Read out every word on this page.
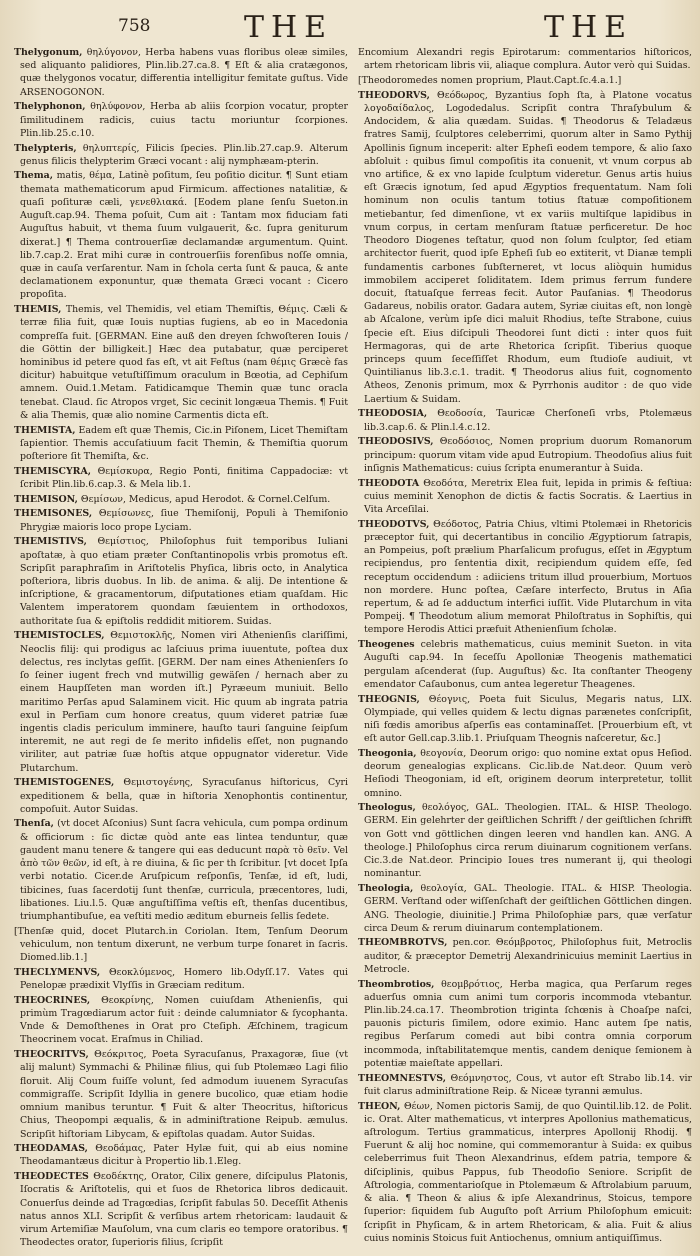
758	THE	THE

Thelygonum, θηλύγονον, Herba habens vuas floribus oleæ similes, sed aliquanto palidiores, Plin.lib.27.ca.8. ¶ Eſt & alia cratægonos, quæ thelygonos vocatur, differentia intelligitur femitate guſtus. Vide ARSENOGONON.

Thelyphonon, θηλύφονον, Herba ab aliis ſcorpion vocatur, propter ſimilitudinem radicis, cuius tactu moriuntur ſcorpiones. Plin.lib.25.c.10.

Thelypteris, θηλυπτερίς, Filicis ſpecies. Plin.lib.27.cap.9. Alterum genus filicis thelypterim Græci vocant : alij nymphæam-pterin.

Thema, matis, θέμα, Latinè poſitum, ſeu poſitio dicitur. ¶ Sunt etiam themata mathematicorum apud Firmicum. affectiones natalitiæ, & quaſi poſituræ cæli, γενεθλιακά. [Eodem plane ſenſu Sueton.in Auguſt.cap.94. Thema poſuit, Cum ait : Tantam mox fiduciam fati Auguſtus habuit, vt thema ſuum vulgauerit, &c. ſupra geniturum dixerat.] ¶ Thema controuerſiæ declamandæ argumentum. Quint. lib.7.cap.2. Erat mihi curæ in controuerſiis forenſibus noſſe omnia, quæ in cauſa verſarentur. Nam in ſchola certa ſunt & pauca, & ante declamationem exponuntur, quæ themata Græci vocant : Cicero propoſita.

THEMIS, Themis, vel Themidis, vel etiam Themiſtis, Θέμις. Cæli & terræ filia fuit, quæ Iouis nuptias fugiens, ab eo in Macedonia compreſſa fuit. [GERMAN. Eine auß den dreyen ſchwoſteren Iouis / die Göttin der billigkeit.] Hæc dea putabatur, quæ perciperet hominibus id petere quod fas eſt, vt ait Feſtus (nam θέμις Græcè fas dicitur) habuitque vetuſtiſſimum oraculum in Bœotia, ad Cephiſum amnem. Ouid.1.Metam. Fatidicamque Themin quæ tunc oracla tenebat. Claud. ſic Atropos vrget, Sic cecinit longæua Themis. ¶ Fuit & alia Themis, quæ alio nomine Carmentis dicta eſt.

THEMISTA, Eadem eſt quæ Themis, Cic.in Piſonem, Licet Themiſtam ſapientior. Themis accuſatiuum facit Themin, & Themiſtia quorum poſteriore ſit Themiſta, &c.

THEMISCYRA, Θεμίσκυρα, Regio Ponti, finitima Cappadociæ: vt ſcribit Plin.lib.6.cap.3. & Mela lib.1.

THEMISON, Θεμίσων, Medicus, apud Herodot. & Cornel.Celſum.

THEMISONES, Θεμίσωνες, ſiue Themiſonij, Populi à Themiſonio Phrygiæ maioris loco prope Lyciam.

THEMISTIVS, Θεμίστιος, Philoſophus fuit temporibus Iuliani apoſtatæ, à quo etiam præter Conſtantinopolis vrbis promotus eſt. Scripſit paraphraſim in Ariſtotelis Phyſica, libris octo, in Analytica poſteriora, libris duobus. In lib. de anima. & alij. De intentione & inſcriptione, & gracamentorum, diſputationes etiam quaſdam. Hic Valentem imperatorem quondam ſæuientem in orthodoxos, authoritate ſua & epiſtolis reddidit mitiorem. Suidas.

THEMISTOCLES, Θεμιστοκλῆς, Nomen viri Athenienſis clariſſimi, Neoclis filij: qui prodigus ac laſciuus prima iuuentute, poſtea dux delectus, res inclytas geſſit. [GERM. Der nam eines Athenienſers ſo ſo ſeiner iugent frech vnd mutwillig gewäſen / hernach aber zu einem Haupſſeten man worden iſt.] Pyræeum muniuit. Bello maritimo Perſas apud Salaminem vicit. Hic quum ab ingrata patria exul in Perſiam cum honore creatus, quum videret patriæ ſuæ ingentis cladis periculum imminere, hauſto tauri ſanguine ſeipſum interemit, ne aut regi de ſe merito infidelis eſſet, non pugnando viriliter, aut patriæ ſuæ hoſtis atque oppugnator videretur. Vide Plutarchum.

THEMISTOGENES, Θεμιστογένης, Syracuſanus hiſtoricus, Cyri expeditionem & bella, quæ in hiſtoria Xenophontis continentur, compoſuit. Autor Suidas.

Thenſa, (vt docet Aſconius) Sunt ſacra vehicula, cum pompa ordinum & officiorum : ſic dictæ quòd ante eas lintea tenduntur, quæ gaudent manu tenere & tangere qui eas deducunt παρὰ τὸ θεῖν. Vel ἀπὸ τῶν θεῶν, id eſt, à re diuina, & ſic per th ſcribitur. [vt docet Ipſa verbi notatio. Cicer.de Aruſpicum reſponſis, Tenſæ, id eſt, ludi, tibicines, ſuas ſacerdotij ſunt thenſæ, curricula, præcentores, ludi, libationes. Liu.l.5. Quæ anguſtiſſima veſtis eſt, thenſas ducentibus, triumphantibuſue, ea veſtiti medio æditum eburneis ſellis ſedete.

[Thenſæ quid, docet Plutarch.in Coriolan. Item, Tenſum Deorum vehiculum, non tentum dixerunt, ne verbum turpe ſonaret in ſacris. Diomed.lib.1.]

THECLYMENVS, Θεοκλύμενος, Homero lib.Odyſſ.17. Vates qui Penelopæ prædixit Vlyſſis in Græciam reditum.

THEOCRINES, Θεοκρίνης, Nomen cuiuſdam Athenienſis, qui primùm Tragœdiarum actor fuit : deinde calumniator & ſycophanta. Vnde & Demoſthenes in Orat pro Cteſiph. Æſchinem, tragicum Theocrinem vocat. Eraſmus in Chiliad.

THEOCRITVS, Θεόκριτος, Poeta Syracuſanus, Praxagoræ, ſiue (vt alij malunt) Symmachi & Philinæ filius, qui ſub Ptolemæo Lagi filio floruit. Alij Coum fuiſſe volunt, ſed admodum iuuenem Syracuſas commigraſſe. Scripſit Idyllia in genere bucolico, quæ etiam hodie omnium manibus teruntur. ¶ Fuit & alter Theocritus, hiſtoricus Chius, Theopompi æqualis, & in adminiſtratione Reipub. æmulus. Scripſit hiſtoriam Libycam, & epiſtolas quadam. Autor Suidas.

THEODAMAS, Θεοδάμας, Pater Hylæ fuit, qui ab eius nomine Theodamantæus dicitur à Propertio lib.1.Eleg.

THEODECTES Θεοδέκτης, Orator, Cilix genere, diſcipulus Platonis, Iſocratis & Ariſtotelis, qui et ſuos de Rhetorica libros dedicauit. Conuerſus deinde ad Tragœdias, ſcripſit fabulas 50. Deceſſit Athenis natus annos XLI. Scripſit & verſibus artem rhetoricam: laudauit & virum Artemiſiæ Mauſolum, vna cum claris eo tempore oratoribus. ¶ Theodectes orator, ſuperioris filius, ſcripſit

Encomium Alexandri regis Epirotarum: commentarios hiſtoricos, artem rhetoricam libris vii, aliaque complura. Autor verò qui Suidas.

[Theodoromedes nomen proprium, Plaut.Capt.ſc.4.a.1.]

THEODORVS, Θεόδωρος, Byzantius ſoph ſta, à Platone vocatus λογοδαίδαλος, Logodedalus. Scripſit contra Thraſybulum & Andocidem, & alia quædam. Suidas. ¶ Theodorus & Teladæus fratres Samij, ſculptores celeberrimi, quorum alter in Samo Pythij Apollinis ſignum inceperit: alter Epheſi eodem tempore, & alio ſaxo abſoluit : quibus ſimul compoſitis ita conuenit, vt vnum corpus ab vno artifice, & ex vno lapide ſculptum videretur. Genus artis huius eſt Græcis ignotum, ſed apud Ægyptios frequentatum. Nam ſoli hominum non oculis tantum totius ſtatuæ compoſitionem metiebantur, ſed dimenſione, vt ex variis multiſque lapidibus in vnum corpus, in certam menſuram ſtatuæ perficeretur. De hoc Theodoro Diogenes teſtatur, quod non ſolum ſculptor, ſed etiam architector fuerit, quod ipſe Epheſi ſub eo extiterit, vt Dianæ templi fundamentis carbones ſubſterneret, vt locus aliòquin humidus immobilem acciperet ſoliditatem. Idem primus ferrum fundere docuit, ſtatuaſque ferreas fecit. Autor Pauſanias. ¶ Theodorus Gadareus, nobilis orator. Gadara autem, Syriæ ciuitas eſt, non longè ab Aſcalone, verùm ipſe dici maluit Rhodius, teſte Strabone, cuius ſpecie eſt. Eius diſcipuli Theodorei ſunt dicti : inter quos fuit Hermagoras, qui de arte Rhetorica ſcripſit. Tiberius quoque princeps quum ſeceſſiſſet Rhodum, eum ſtudioſe audiuit, vt Quintilianus lib.3.c.1. tradit. ¶ Theodorus alius fuit, cognomento Atheos, Zenonis primum, mox & Pyrrhonis auditor : de quo vide Laertium & Suidam.

THEODOSIA, Θεοδοσία, Tauricæ Cherſoneſi vrbs, Ptolemæus lib.3.cap.6. & Plin.l.4.c.12.

THEODOSIVS, Θεοδόσιος, Nomen proprium duorum Romanorum principum: quorum vitam vide apud Eutropium. Theodoſius alius fuit inſignis Mathematicus: cuius ſcripta enumerantur à Suida.

THEODOTA Θεοδότα, Meretrix Elea fuit, lepida in primis & feſtiua: cuius meminit Xenophon de dictis & factis Socratis. & Laertius in Vita Arceſilai.

THEODOTVS, Θεόδοτος, Patria Chius, vltimi Ptolemæi in Rhetoricis præceptor fuit, qui decertantibus in concilio Ægyptiorum ſatrapis, an Pompeius, poſt prælium Pharſalicum profugus, eſſet in Ægyptum recipiendus, pro ſententia dixit, recipiendum quidem eſſe, ſed receptum occidendum : adiiciens tritum illud prouerbium, Mortuos non mordere. Hunc poſtea, Cæſare interfecto, Brutus in Aſia repertum, & ad ſe adductum interfici iuſſit. Vide Plutarchum in vita Pompeij. ¶ Theodotum alium memorat Philoſtratus in Sophiſtis, qui tempore Herodis Attici præfuit Athenienſium ſcholæ.

Theogenes celebris mathematicus, cuius meminit Sueton. in vita Auguſti cap.94. In ſeceſſu Apolloniæ Theogenis mathematici pergulam aſcenderat (ſup. Auguſtus) &c. Ita conſtanter Theogeny emendator Caſaubonus, cum antea legeretur Theagenes.

THEOGNIS, Θέογνις, Poeta fuit Siculus, Megaris natus, LIX. Olympiade, qui velles quidem & lectu dignas parænetes conſcripſit, niſi fœdis amoribus aſperſis eas contaminaſſet. [Prouerbium eſt, vt eſt autor Gell.cap.3.lib.1. Priuſquam Theognis naſceretur, &c.]

Theogonia, θεογονία, Deorum origo: quo nomine extat opus Heſiod. deorum genealogias explicans. Cic.lib.de Nat.deor. Quum verò Heſiodi Theogoniam, id eſt, originem deorum interpretetur, tollit omnino.

Theologus, θεολόγος, GAL. Theologien. ITAL. & HISP. Theologo. GERM. Ein gelehrter der geiſtlichen Schrifft / der geiſtlichen ſchrifft von Gott vnd göttlichen dingen leeren vnd handlen kan. ANG. A theologe.] Philoſophus circa rerum diuinarum cognitionem verſans. Cic.3.de Nat.deor. Principio Ioues tres numerant ij, qui theologi nominantur.

Theologia, θεολογία, GAL. Theologie. ITAL. & HISP. Theologia. GERM. Verſtand oder wiſſenſchaft der geiſtlichen Göttlichen dingen. ANG. Theologie, diuinitie.] Prima Philoſophiæ pars, quæ verſatur circa Deum & rerum diuinarum contemplationem.

THEOMBROTVS, pen.cor. Θεόμβροτος, Philoſophus fuit, Metroclis auditor, & præceptor Demetrij Alexandrinicuius meminit Laertius in Metrocle.

Theombrotios, θεομβρότιος, Herba magica, qua Perſarum reges aduerſus omnia cum animi tum corporis incommoda vtebantur. Plin.lib.24.ca.17. Theombrotion triginta ſchœnis à Choaſpe naſci, pauonis picturis ſimilem, odore eximio. Hanc autem ſpe natis, regibus Perſarum comedi aut bibi contra omnia corporum incommoda, inſtabilitatemque mentis, candem denique ſemionem à potentiæ maieſtate appellari.

THEOMNESTVS, Θεόμνηστος, Cous, vt autor eſt Strabo lib.14. vir fuit clarus adminiſtratione Reip. & Niceæ tyranni æmulus.

THEON, Θέων, Nomen pictoris Samij, de quo Quintil.lib.12. de Polit. ic. Orat. Alter mathematicus, vt interpres Apollonius mathematicus, aſtrologum. Tertius grammaticus, interpres Apollonij Rhodij. ¶ Fuerunt & alij hoc nomine, qui commemorantur à Suida: ex quibus celeberrimus fuit Theon Alexandrinus, eſdem patria, tempore & diſciplinis, quibus Pappus, ſub Theodoſio Seniore. Scripſit de Aſtrologia, commentarioſque in Ptolemæum & Aſtrolabium paruum, & alia. ¶ Theon & alius & ipſe Alexandrinus, Stoicus, tempore ſuperior: ſiquidem ſub Auguſto poſt Arrium Philoſophum emicuit: ſcripſit in Phyſicam, & in artem Rhetoricam, & alia. Fuit & alius cuius nominis Stoicus fuit Antiochenus, omnium antiquiſſimus.
